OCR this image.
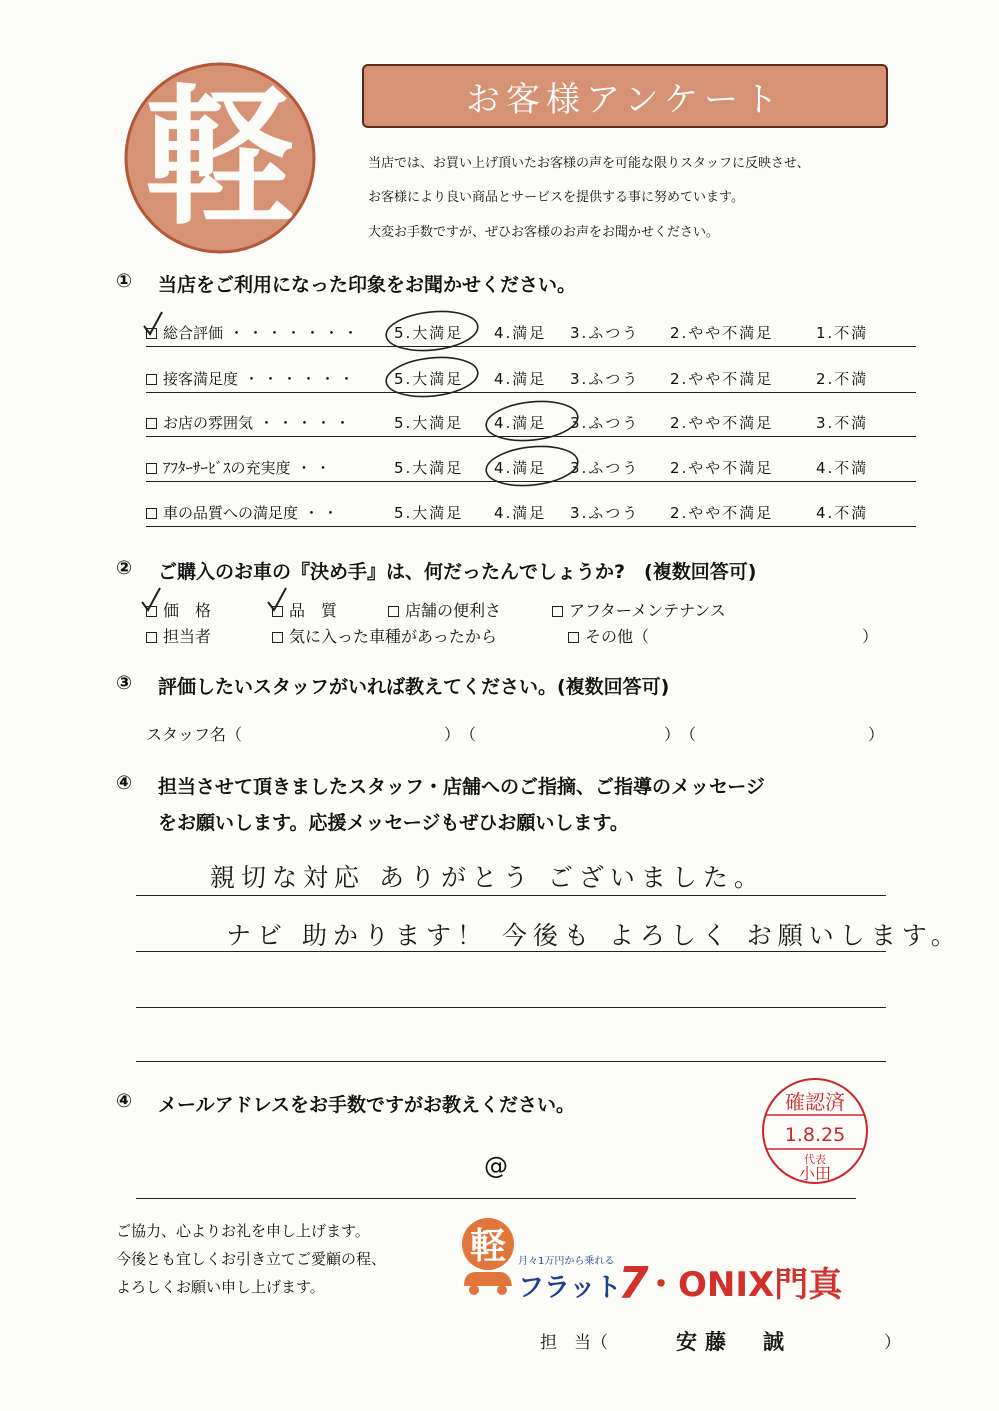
軽	お客様アンケート
当店では、お買い上げ頂いたお客様の声を可能な限りスタッフに反映させ、
お客様により良い商品とサービスを提供する事に努めています。
大変お手数ですが、ぜひお客様のお声をお聞かせください。
① 当店をご利用になった印象をお聞かせください。
総合評価 ・・・・・・・ 5.大満足 4.満足 3.ふつう 2.やや不満足	1.不満
接客満足度 ・・・・・・ 5.大満足 4.満足 3.ふつう 2.やや不満足	2.不満
お店の雰囲気 ・・・・・	5.大満足 4.満足 3.ふつう 2.やや不満足	3.不満
ｱﾌﾀｰｻｰﾋﾞｽの充実度 ・・	5.大満足 4.満足 3.ふつう 2.やや不満足	4.不満
車の品質への満足度 ・・	5.大満足 4.満足 3.ふつう 2.やや不満足	4.不満
② ご購入のお車の『決め手』は、何だったんでしょうか?　(複数回答可)
価　格	品　質	店舗の便利さ	アフターメンテナンス
担当者	気に入った車種があったから	その他（	）
③ 評価したいスタッフがいれば教えてください。(複数回答可)
スタッフ名（	）　（	）　（	）
④ 担当させて頂きましたスタッフ・店舗へのご指摘、ご指導のメッセージ
をお願いします。応援メッセージもぜひお願いします。
親切な対応 ありがとう ございました。
ナビ 助かります！ 今後も よろしく お願いします。
④ メールアドレスをお手数ですがお教えください。
@
確認済
1.8.25
代表
小田
ご協力、心よりお礼を申し上げます。
今後とも宜しくお引き立てご愛顧の程、
よろしくお願い申し上げます。
軽 月々1万円から乗れる
フラット
7
・ONIX門真
担　当（	安藤　誠	）
